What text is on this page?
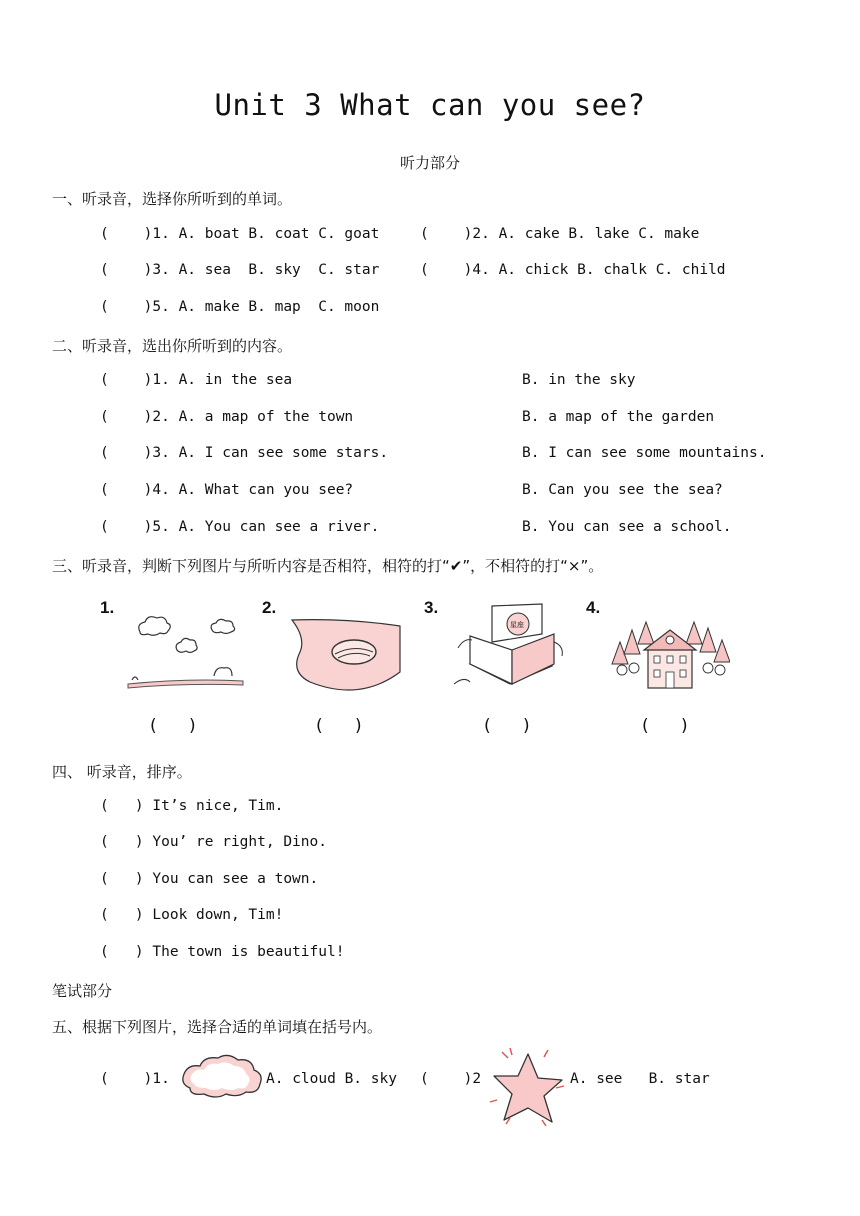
Unit 3 What can you see?
听力部分
一、听录音，选择你所听到的单词。
(    )1. A. boat B. coat C. goat	(    )2. A. cake B. lake C. make
(    )3. A. sea  B. sky  C. star	(    )4. A. chick B. chalk C. child
(    )5. A. make B. map  C. moon
二、听录音，选出你所听到的内容。
(    )1. A. in the sea	B. in the sky
(    )2. A. a map of the town	B. a map of the garden
(    )3. A. I can see some stars.	B. I can see some mountains.
(    )4. A. What can you see?	B. Can you see the sea?
(    )5. A. You can see a river.	B. You can see a school.
三、听录音，判断下列图片与所听内容是否相符，相符的打“✔”，不相符的打“×”。
1.	2.	3.	4.
星座
(      )	(      )	(      )	(      )
四、 听录音，排序。
(   ) It’s nice, Tim.
(   ) You’ re right, Dino.
(   ) You can see a town.
(   ) Look down, Tim!
(   ) The town is beautiful!
笔试部分
五、根据下列图片，选择合适的单词填在括号内。
(    )1.	A. cloud B. sky (    )2	A. see   B. star
